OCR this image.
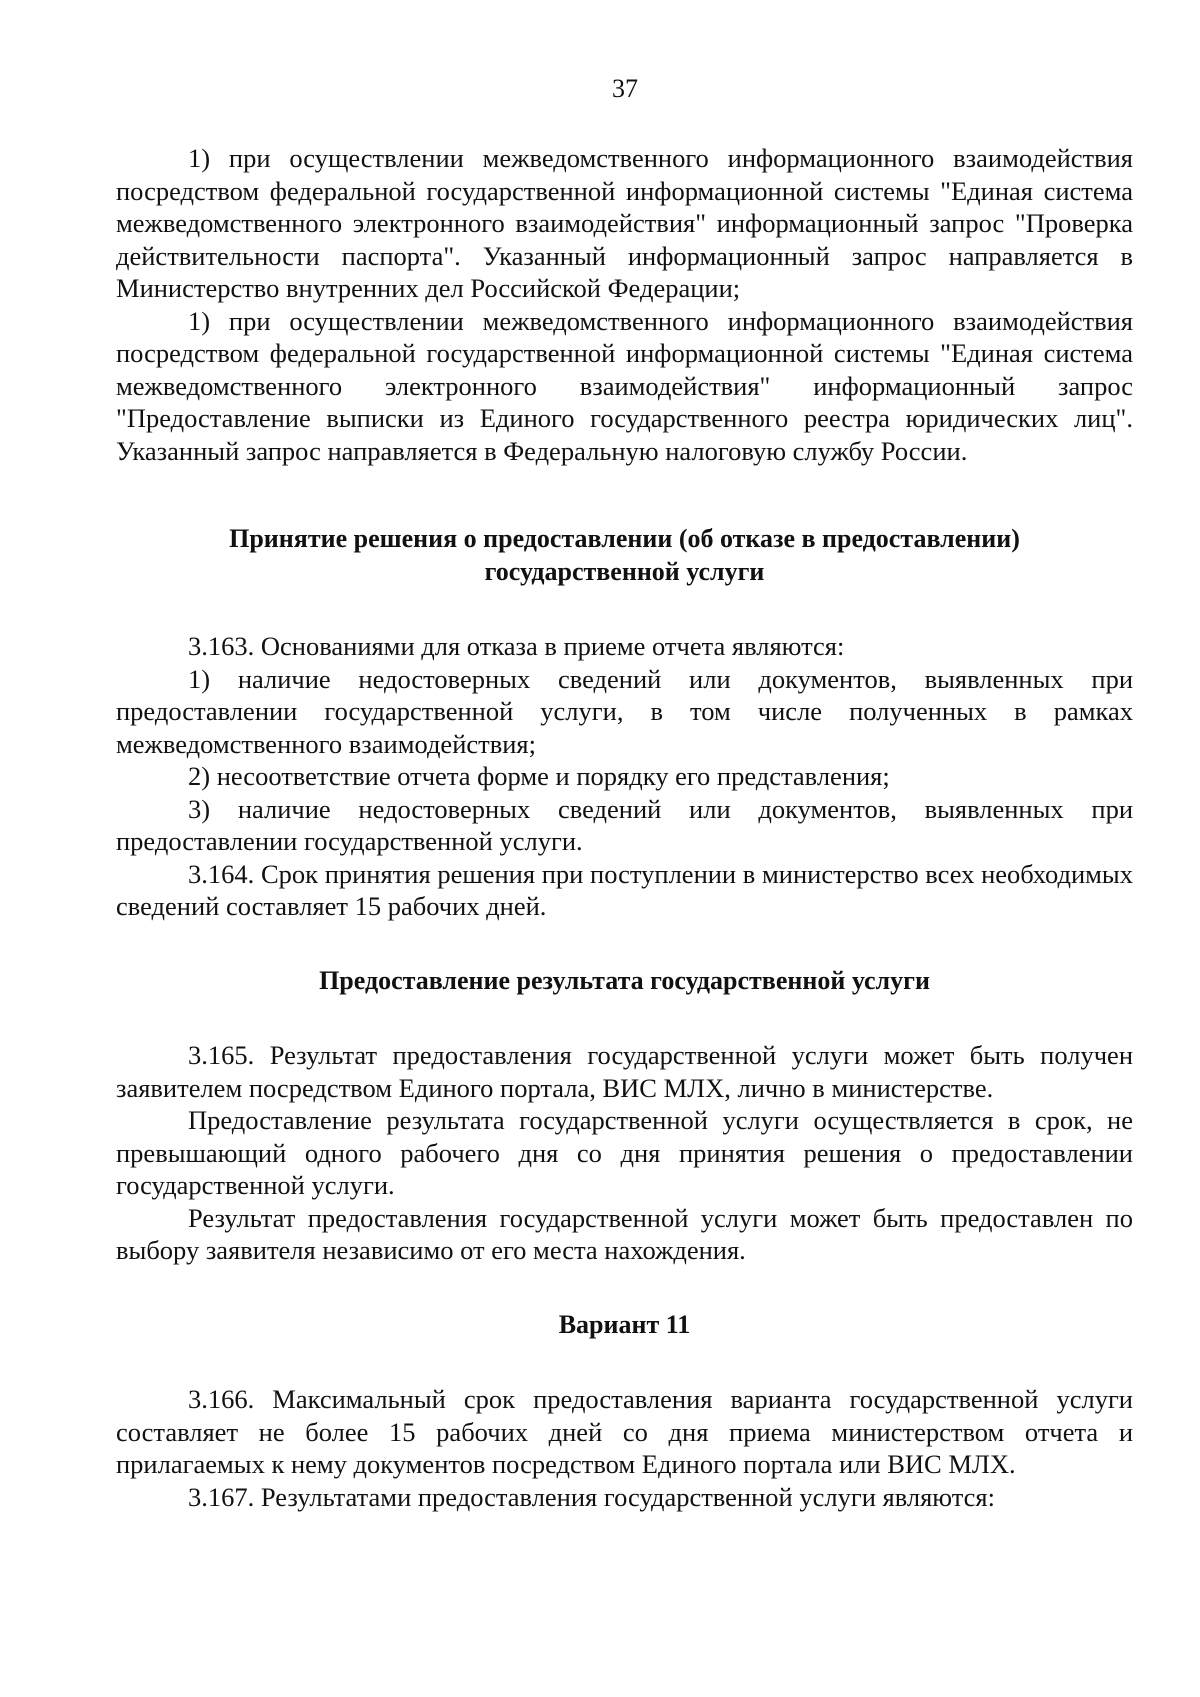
37

1) при осуществлении межведомственного информационного взаимодействия посредством федеральной государственной информационной системы "Единая система межведомственного электронного взаимодействия" информационный запрос "Проверка действительности паспорта". Указанный информационный запрос направляется в Министерство внутренних дел Российской Федерации;

1) при осуществлении межведомственного информационного взаимодействия посредством федеральной государственной информационной системы "Единая система межведомственного электронного взаимодействия" информационный запрос "Предоставление выписки из Единого государственного реестра юридических лиц". Указанный запрос направляется в Федеральную налоговую службу России.

Принятие решения о предоставлении (об отказе в предоставлении)
государственной услуги

3.163. Основаниями для отказа в приеме отчета являются:

1) наличие недостоверных сведений или документов, выявленных при предоставлении государственной услуги, в том числе полученных в рамках межведомственного взаимодействия;

2) несоответствие отчета форме и порядку его представления;

3) наличие недостоверных сведений или документов, выявленных при предоставлении государственной услуги.

3.164. Срок принятия решения при поступлении в министерство всех необходимых сведений составляет 15 рабочих дней.

Предоставление результата государственной услуги

3.165. Результат предоставления государственной услуги может быть получен заявителем посредством Единого портала, ВИС МЛХ, лично в министерстве.

Предоставление результата государственной услуги осуществляется в срок, не превышающий одного рабочего дня со дня принятия решения о предоставлении государственной услуги.

Результат предоставления государственной услуги может быть предоставлен по выбору заявителя независимо от его места нахождения.

Вариант 11

3.166. Максимальный срок предоставления варианта государственной услуги составляет не более 15 рабочих дней со дня приема министерством отчета и прилагаемых к нему документов посредством Единого портала или ВИС МЛХ.

3.167. Результатами предоставления государственной услуги являются:
